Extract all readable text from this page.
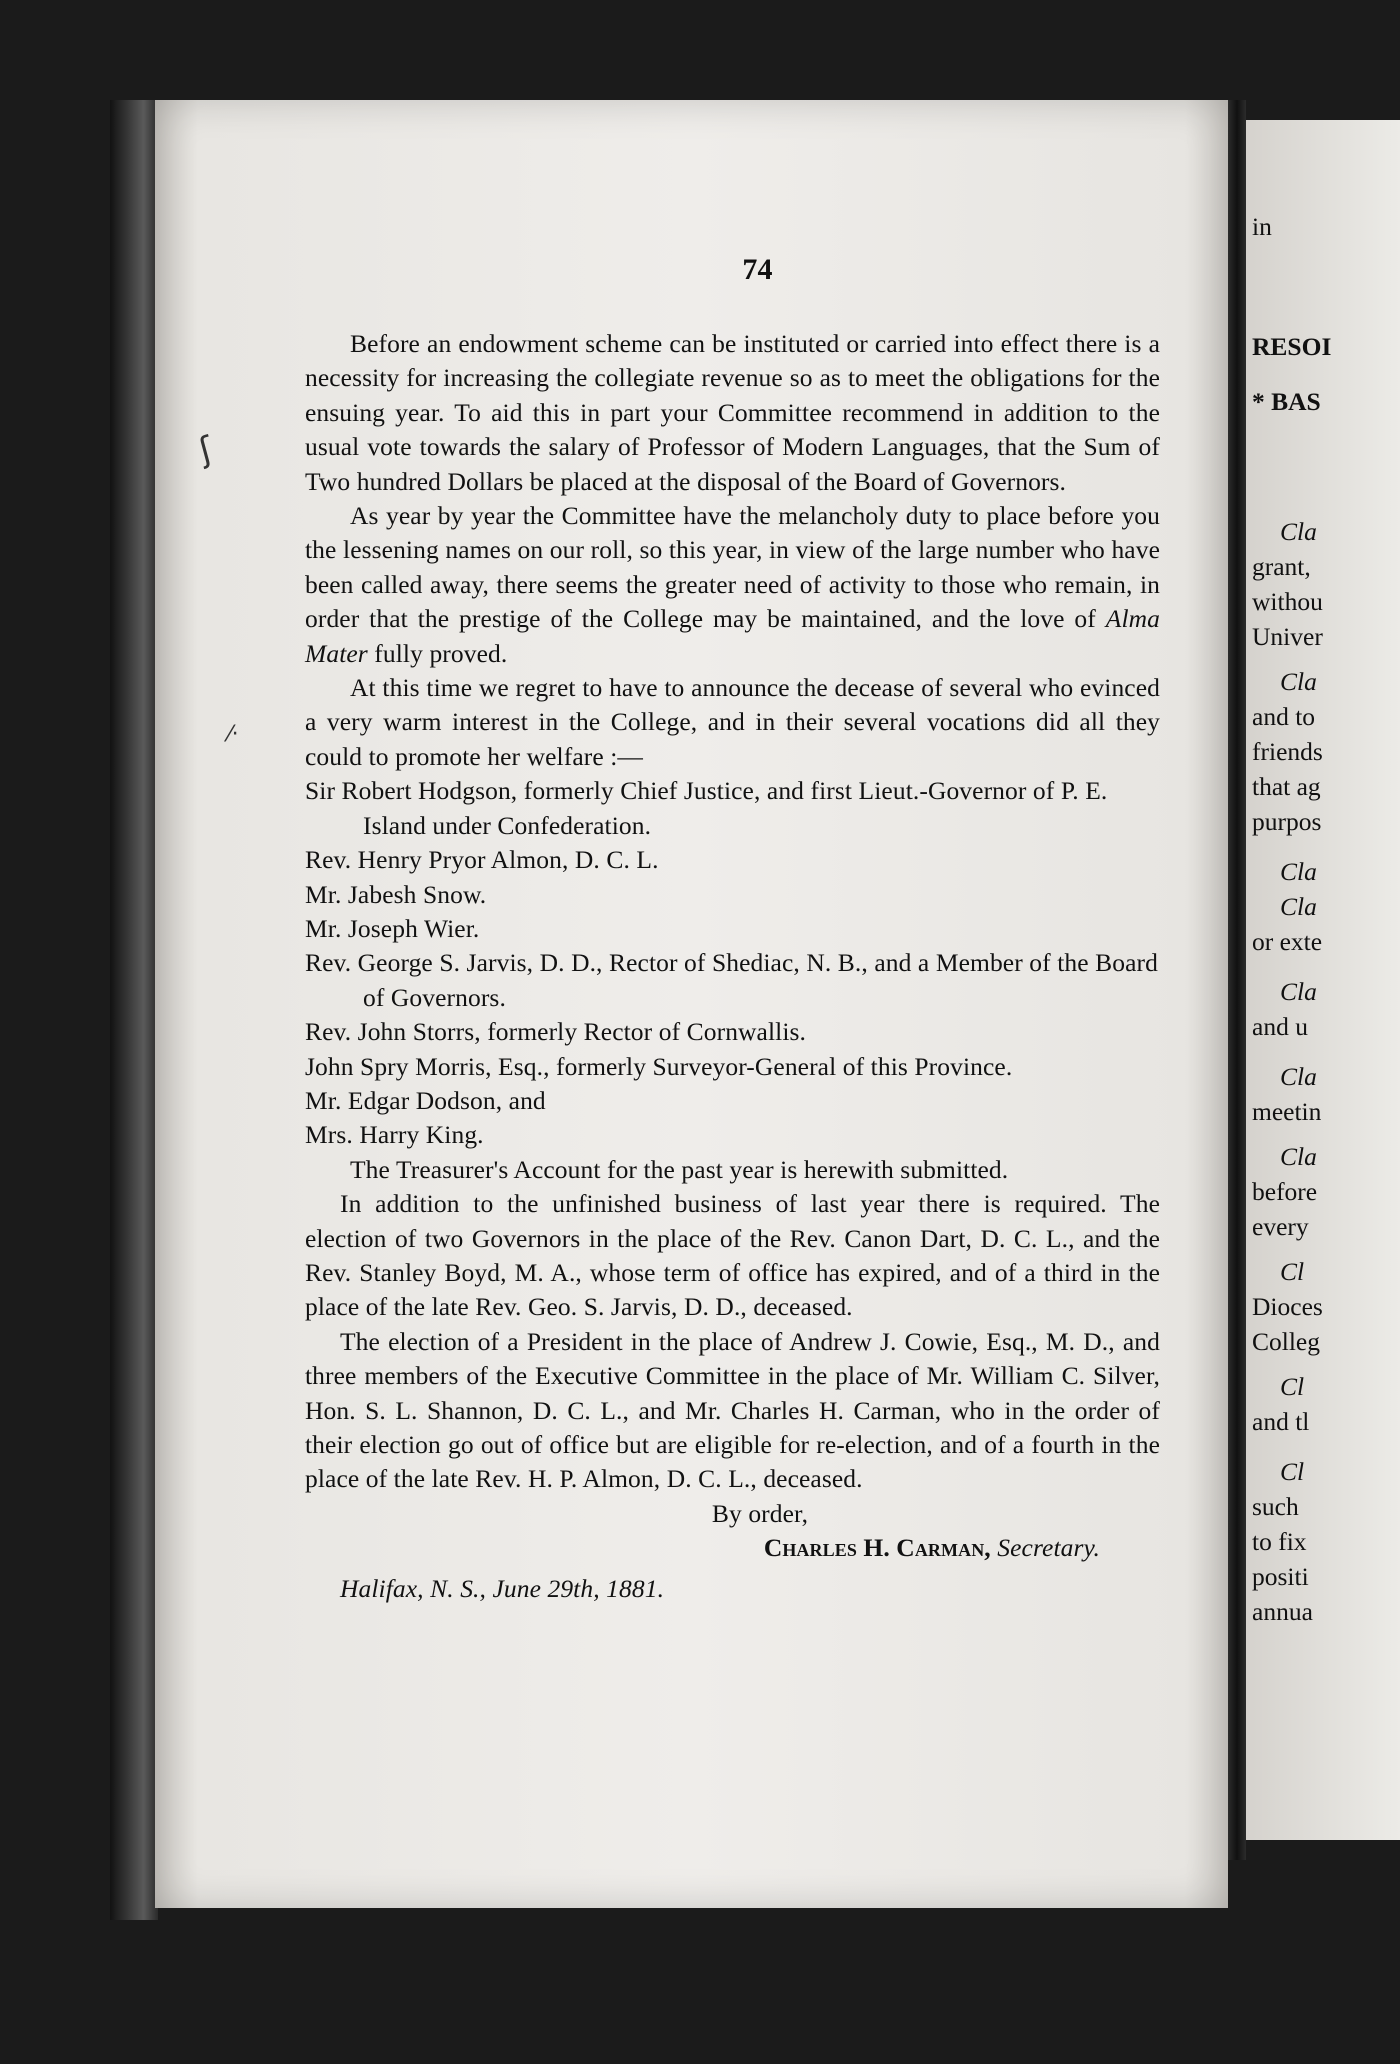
in
RESOI
* BAS
Cla
grant,
withou
Univer
Cla
and to
friends
that ag
purpos
Cla
Cla
or exte
Cla
and u
Cla
meetin
Cla
before
every
Cl
Dioces
Colleg
Cl
and tl
Cl
such
to fix
positi
annua
ʃ
⁄·
74

Before an endowment scheme can be instituted or carried into effect there is a necessity for increasing the collegiate revenue so as to meet the obligations for the ensuing year. To aid this in part your Committee recommend in addition to the usual vote towards the salary of Professor of Modern Languages, that the Sum of Two hundred Dollars be placed at the disposal of the Board of Governors.

As year by year the Committee have the melancholy duty to place before you the lessening names on our roll, so this year, in view of the large number who have been called away, there seems the greater need of activity to those who remain, in order that the prestige of the College may be maintained, and the love of Alma Mater fully proved.

At this time we regret to have to announce the decease of several who evinced a very warm interest in the College, and in their several vocations did all they could to promote her welfare :—

Sir Robert Hodgson, formerly Chief Justice, and first Lieut.-Governor of P. E. Island under Confederation.
Rev. Henry Pryor Almon, D. C. L.
Mr. Jabesh Snow.
Mr. Joseph Wier.
Rev. George S. Jarvis, D. D., Rector of Shediac, N. B., and a Member of the Board of Governors.
Rev. John Storrs, formerly Rector of Cornwallis.
John Spry Morris, Esq., formerly Surveyor-General of this Province.
Mr. Edgar Dodson, and
Mrs. Harry King.

The Treasurer's Account for the past year is herewith submitted.

In addition to the unfinished business of last year there is required. The election of two Governors in the place of the Rev. Canon Dart, D. C. L., and the Rev. Stanley Boyd, M. A., whose term of office has expired, and of a third in the place of the late Rev. Geo. S. Jarvis, D. D., deceased.

The election of a President in the place of Andrew J. Cowie, Esq., M. D., and three members of the Executive Committee in the place of Mr. William C. Silver, Hon. S. L. Shannon, D. C. L., and Mr. Charles H. Carman, who in the order of their election go out of office but are eligible for re-election, and of a fourth in the place of the late Rev. H. P. Almon, D. C. L., deceased.

By order,

Charles H. Carman, Secretary.

Halifax, N. S., June 29th, 1881.
